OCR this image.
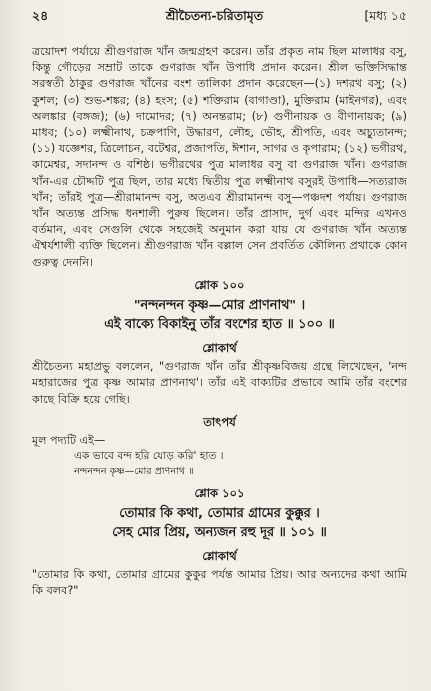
২৪	শ্রীচৈতন্য-চরিতামৃত	[মধ্য ১৫

ত্রয়োদশ পর্যায়ে শ্রীগুণরাজ খাঁন জন্মগ্রহণ করেন। তাঁর প্রকৃত নাম ছিল মালাধর বসু, কিন্তু গৌড়ের সম্রাট তাকে গুণরাজ খাঁন উপাধি প্রদান করেন। শ্রীল ভক্তিসিদ্ধান্ত সরস্বতী ঠাকুর গুণরাজ খাঁনের বংশ তালিকা প্রদান করেছেন—(১) দশরথ বসু; (২) কুশল; (৩) শুভ-শঙ্কর; (৪) হংস; (৫) শক্তিরাম (বাগাণ্ডা), মুক্তিরাম (মাইনগর), এবং অলঙ্কার (বঙ্গজ); (৬) দামোদর; (৭) অনন্তরাম; (৮) গুণীনায়ক ও বীণানায়ক; (৯) মাধব; (১০) লক্ষ্মীনাথ, চক্রপাণি, উদ্ধারণ, লৌহ, ভৌহ, শ্রীপতি, এবং অচ্যুতানন্দ; (১১) যজ্ঞেশর, ত্রিলোচন, বটেশ্বর, প্রজাপতি, ঈশান, সাগর ও কৃপারাম; (১২) ভগীরথ, কামেশ্বর, সদানন্দ ও বশিষ্ঠ। ভগীরথের পুত্র মালাধর বসু বা গুণরাজ খাঁন। গুণরাজ খাঁন-এর চৌদ্দটি পুত্র ছিল, তার মধ্যে দ্বিতীয় পুত্র লক্ষ্মীনাথ বসুরই উপাধি—সত্যরাজ খাঁন; তাঁরই পুত্র—শ্রীরামানন্দ বসু, অতএব শ্রীরামানন্দ বসু—পঞ্চদশ পর্যায়। গুণরাজ খাঁন অত্যন্ত প্রসিদ্ধ ধনশালী পুরুষ ছিলেন। তাঁর প্রাসাদ, দুর্গ এবং মন্দির এখনও বর্তমান, এবং সেগুলি থেকে সহজেই অনুমান করা যায় যে গুণরাজ খাঁন অত্যন্ত ঐশ্বর্যশালী ব্যক্তি ছিলেন। শ্রীগুণরাজ খাঁন বল্লাল সেন প্রবর্তিত কৌলিন্য প্রথাকে কোন গুরুত্ব দেননি।

শ্লোক ১০০
"নন্দনন্দন কৃষ্ণ—মোর প্রাণনাথ" ।
এই বাক্যে বিকাইনু তাঁর বংশের হাত ॥ ১০০ ॥
শ্লোকার্থ

শ্রীচৈতন্য মহাপ্রভু বললেন, "গুণরাজ খাঁন তাঁর শ্রীকৃষ্ণবিজয় গ্রন্থে লিখেছেন, 'নন্দ মহারাজের পুত্র কৃষ্ণ আমার প্রাণনাথ'। তাঁর এই বাক্যটির প্রভাবে আমি তাঁর বংশের কাছে বিক্রি হয়ে গেছি।

তাৎপর্য
মূল পদ্যটি এই—
এক ভাবে বন্দ হরি যোড় করি' হাত ।
নন্দনন্দন কৃষ্ণ—মোর প্রাণনাথ ॥
শ্লোক ১০১
তোমার কি কথা, তোমার গ্রামের কুক্কুর ।
সেহ মোর প্রিয়, অন্যজন রহু দূর ॥ ১০১ ॥
শ্লোকার্থ

"তোমার কি কথা, তোমার গ্রামের কুকুর পর্যন্ত আমার প্রিয়। আর অন্যদের কথা আমি কি বলব?"
